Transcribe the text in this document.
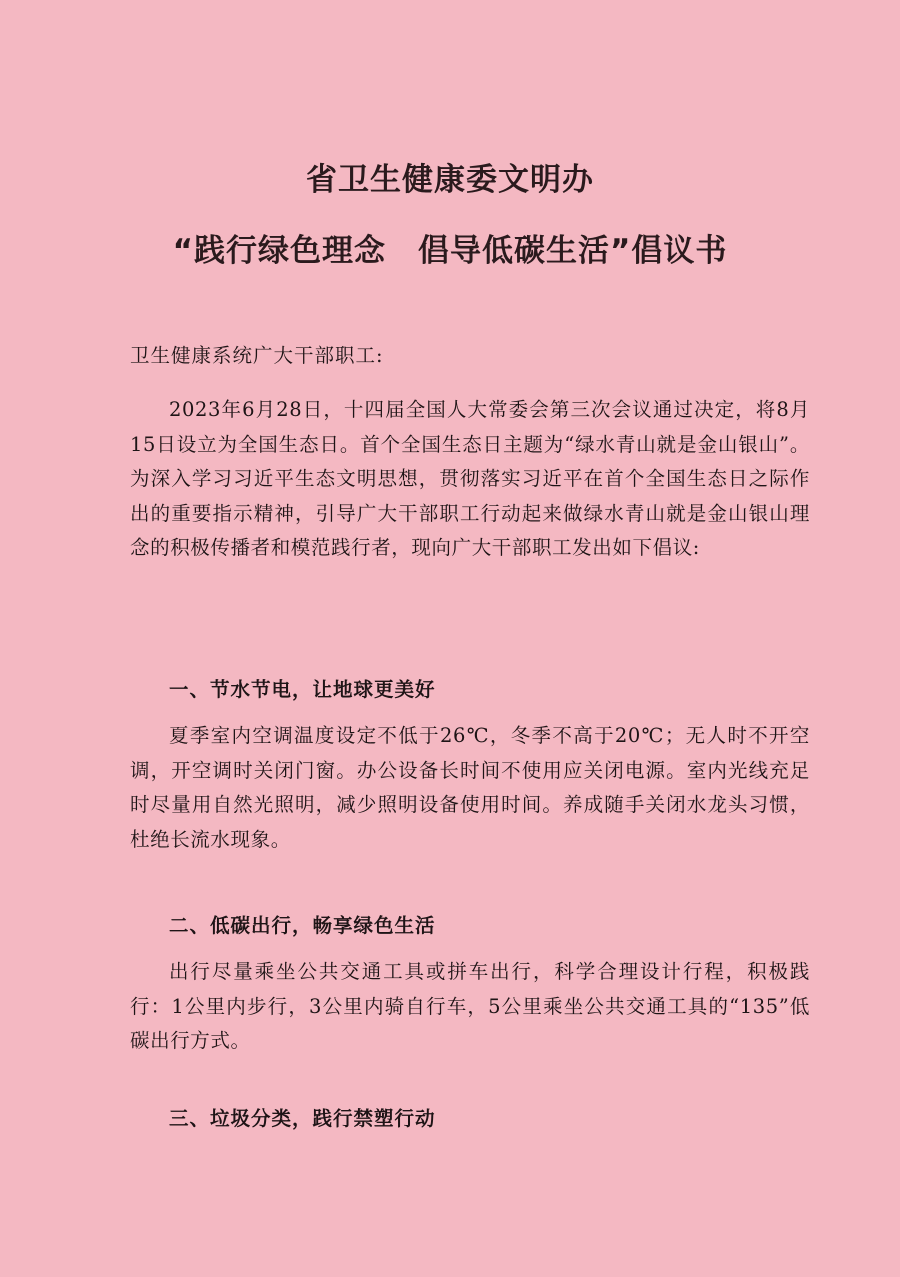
省卫生健康委文明办
“践行绿色理念　倡导低碳生活”倡议书
卫生健康系统广大干部职工:
2023年6月28日，十四届全国人大常委会第三次会议通过决定，将8月15日设立为全国生态日。首个全国生态日主题为“绿水青山就是金山银山”。为深入学习习近平生态文明思想，贯彻落实习近平在首个全国生态日之际作出的重要指示精神，引导广大干部职工行动起来做绿水青山就是金山银山理念的积极传播者和模范践行者，现向广大干部职工发出如下倡议:
一、节水节电，让地球更美好
夏季室内空调温度设定不低于26℃，冬季不高于20℃；无人时不开空调，开空调时关闭门窗。办公设备长时间不使用应关闭电源。室内光线充足时尽量用自然光照明，减少照明设备使用时间。养成随手关闭水龙头习惯，杜绝长流水现象。
二、低碳出行，畅享绿色生活
出行尽量乘坐公共交通工具或拼车出行，科学合理设计行程，积极践行：1公里内步行，3公里内骑自行车，5公里乘坐公共交通工具的“135”低碳出行方式。
三、垃圾分类，践行禁塑行动
